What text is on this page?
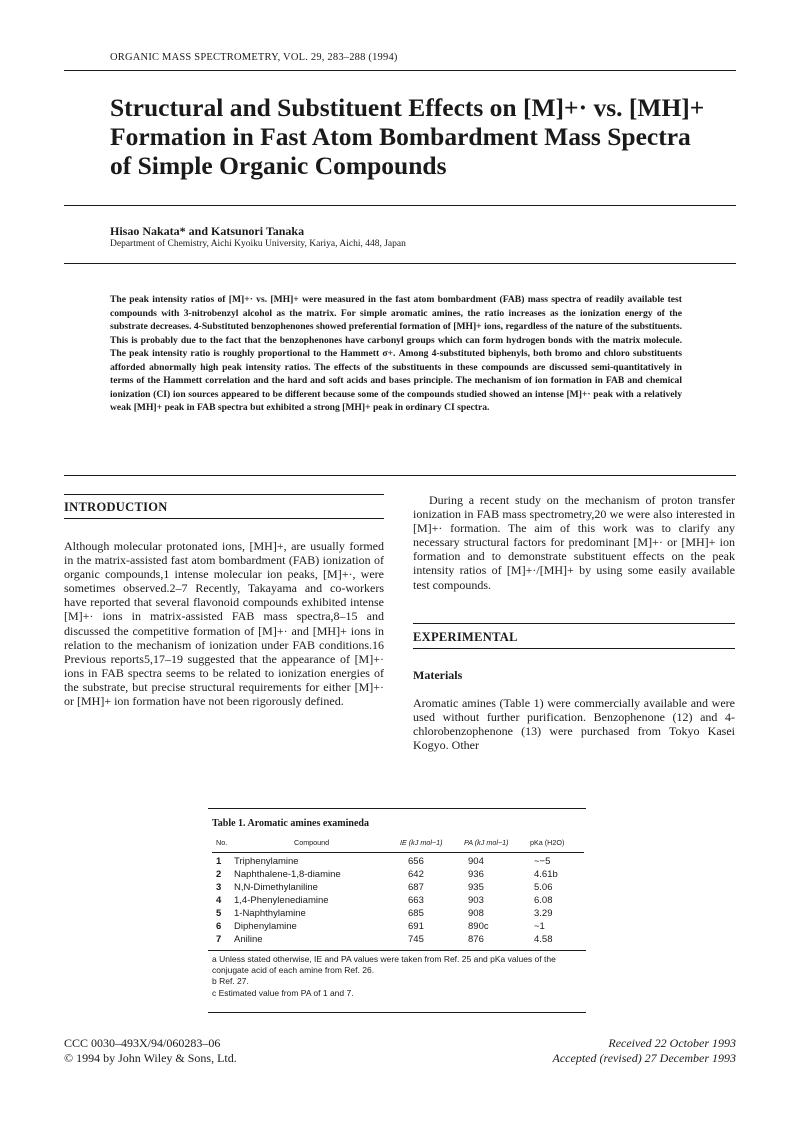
ORGANIC MASS SPECTROMETRY, VOL. 29, 283–288 (1994)
Structural and Substituent Effects on [M]+· vs. [MH]+ Formation in Fast Atom Bombardment Mass Spectra of Simple Organic Compounds
Hisao Nakata* and Katsunori Tanaka
Department of Chemistry, Aichi Kyoiku University, Kariya, Aichi, 448, Japan
The peak intensity ratios of [M]+· vs. [MH]+ were measured in the fast atom bombardment (FAB) mass spectra of readily available test compounds with 3-nitrobenzyl alcohol as the matrix. For simple aromatic amines, the ratio increases as the ionization energy of the substrate decreases. 4-Substituted benzophenones showed preferential formation of [MH]+ ions, regardless of the nature of the substituents. This is probably due to the fact that the benzophenones have carbonyl groups which can form hydrogen bonds with the matrix molecule. The peak intensity ratio is roughly proportional to the Hammett σ+. Among 4-substituted biphenyls, both bromo and chloro substituents afforded abnormally high peak intensity ratios. The effects of the substituents in these compounds are discussed semi-quantitatively in terms of the Hammett correlation and the hard and soft acids and bases principle. The mechanism of ion formation in FAB and chemical ionization (CI) ion sources appeared to be different because some of the compounds studied showed an intense [M]+· peak with a relatively weak [MH]+ peak in FAB spectra but exhibited a strong [MH]+ peak in ordinary CI spectra.
INTRODUCTION
Although molecular protonated ions, [MH]+, are usually formed in the matrix-assisted fast atom bombardment (FAB) ionization of organic compounds,1 intense molecular ion peaks, [M]+·, were sometimes observed.2–7 Recently, Takayama and co-workers have reported that several flavonoid compounds exhibited intense [M]+· ions in matrix-assisted FAB mass spectra,8–15 and discussed the competitive formation of [M]+· and [MH]+ ions in relation to the mechanism of ionization under FAB conditions.16 Previous reports5,17–19 suggested that the appearance of [M]+· ions in FAB spectra seems to be related to ionization energies of the substrate, but precise structural requirements for either [M]+· or [MH]+ ion formation have not been rigorously defined.
During a recent study on the mechanism of proton transfer ionization in FAB mass spectrometry,20 we were also interested in [M]+· formation. The aim of this work was to clarify any necessary structural factors for predominant [M]+· or [MH]+ ion formation and to demonstrate substituent effects on the peak intensity ratios of [M]+·/[MH]+ by using some easily available test compounds.
EXPERIMENTAL
Materials
Aromatic amines (Table 1) were commercially available and were used without further purification. Benzophenone (12) and 4-chlorobenzophenone (13) were purchased from Tokyo Kasei Kogyo. Other
Table 1. Aromatic amines examineda
No.	Compound	IE (kJ mol−1)	PA (kJ mol−1)	pKa (H2O)
1 Triphenylamine	656	904	~−5
2 Naphthalene-1,8-diamine	642	936	4.61b
3 N,N-Dimethylaniline	687	935	5.06
4 1,4-Phenylenediamine	663	903	6.08
5 1-Naphthylamine	685	908	3.29
6 Diphenylamine	691	890c	~1
7 Aniline	745	876	4.58
a Unless stated otherwise, IE and PA values were taken from Ref. 25 and pKa values of the conjugate acid of each amine from Ref. 26.
b Ref. 27.
c Estimated value from PA of 1 and 7.
CCC 0030–493X/94/060283–06
© 1994 by John Wiley & Sons, Ltd.
Received 22 October 1993
Accepted (revised) 27 December 1993
